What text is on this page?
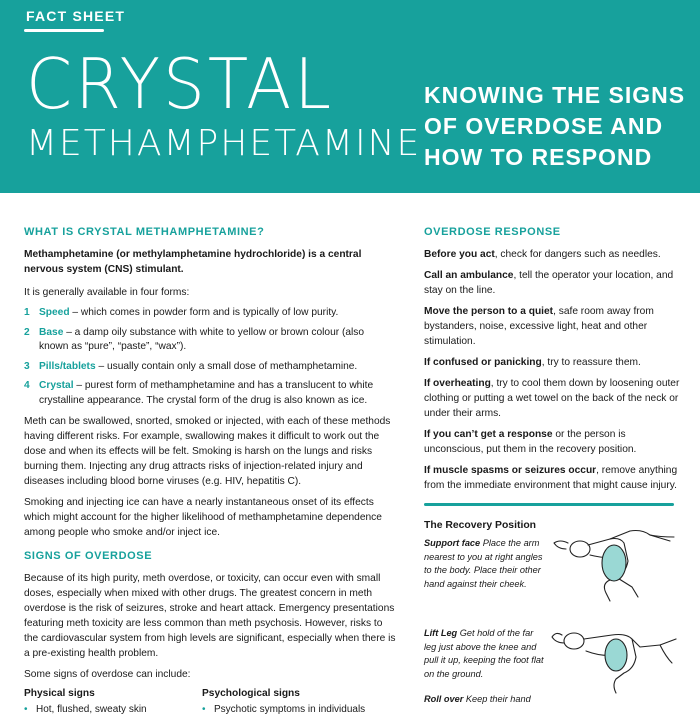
FACT SHEET
CRYSTAL
METHAMPHETAMINE
KNOWING THE SIGNS OF OVERDOSE AND HOW TO RESPOND
WHAT IS CRYSTAL METHAMPHETAMINE?

Methamphetamine (or methylamphetamine hydrochloride) is a central nervous system (CNS) stimulant.

It is generally available in four forms:

1 Speed – which comes in powder form and is typically of low purity.
2 Base – a damp oily substance with white to yellow or brown colour (also known as “pure”, “paste”, “wax”).
3 Pills/tablets – usually contain only a small dose of methamphetamine.
4 Crystal – purest form of methamphetamine and has a translucent to white crystalline appearance. The crystal form of the drug is also known as ice.

Meth can be swallowed, snorted, smoked or injected, with each of these methods having different risks. For example, swallowing makes it difficult to work out the dose and when its effects will be felt. Smoking is harsh on the lungs and risks burning them. Injecting any drug attracts risks of injection-related injury and diseases including blood borne viruses (e.g. HIV, hepatitis C).

Smoking and injecting ice can have a nearly instantaneous onset of its effects which might account for the higher likelihood of methamphetamine dependence among people who smoke and/or inject ice.

SIGNS OF OVERDOSE

Because of its high purity, meth overdose, or toxicity, can occur even with small doses, especially when mixed with other drugs. The greatest concern in meth overdose is the risk of seizures, stroke and heart attack. Emergency presentations featuring meth toxicity are less common than meth psychosis. However, risks to the cardiovascular system from high levels are significant, especially when there is a pre-existing health problem.

Some signs of overdose can include:

Physical signs
• Hot, flushed, sweaty skin
Psychological signs
• Psychotic symptoms in individuals
OVERDOSE RESPONSE

Before you act, check for dangers such as needles.

Call an ambulance, tell the operator your location, and stay on the line.

Move the person to a quiet, safe room away from bystanders, noise, excessive light, heat and other stimulation.

If confused or panicking, try to reassure them.

If overheating, try to cool them down by loosening outer clothing or putting a wet towel on the back of the neck or under their arms.

If you can’t get a response or the person is unconscious, put them in the recovery position.

If muscle spasms or seizures occur, remove anything from the immediate environment that might cause injury.

The Recovery Position
Support face Place the arm nearest to you at right angles to the body. Place their other hand against their cheek.
Lift Leg Get hold of the far leg just above the knee and pull it up, keeping the foot flat on the ground.
Roll over Keep their hand
